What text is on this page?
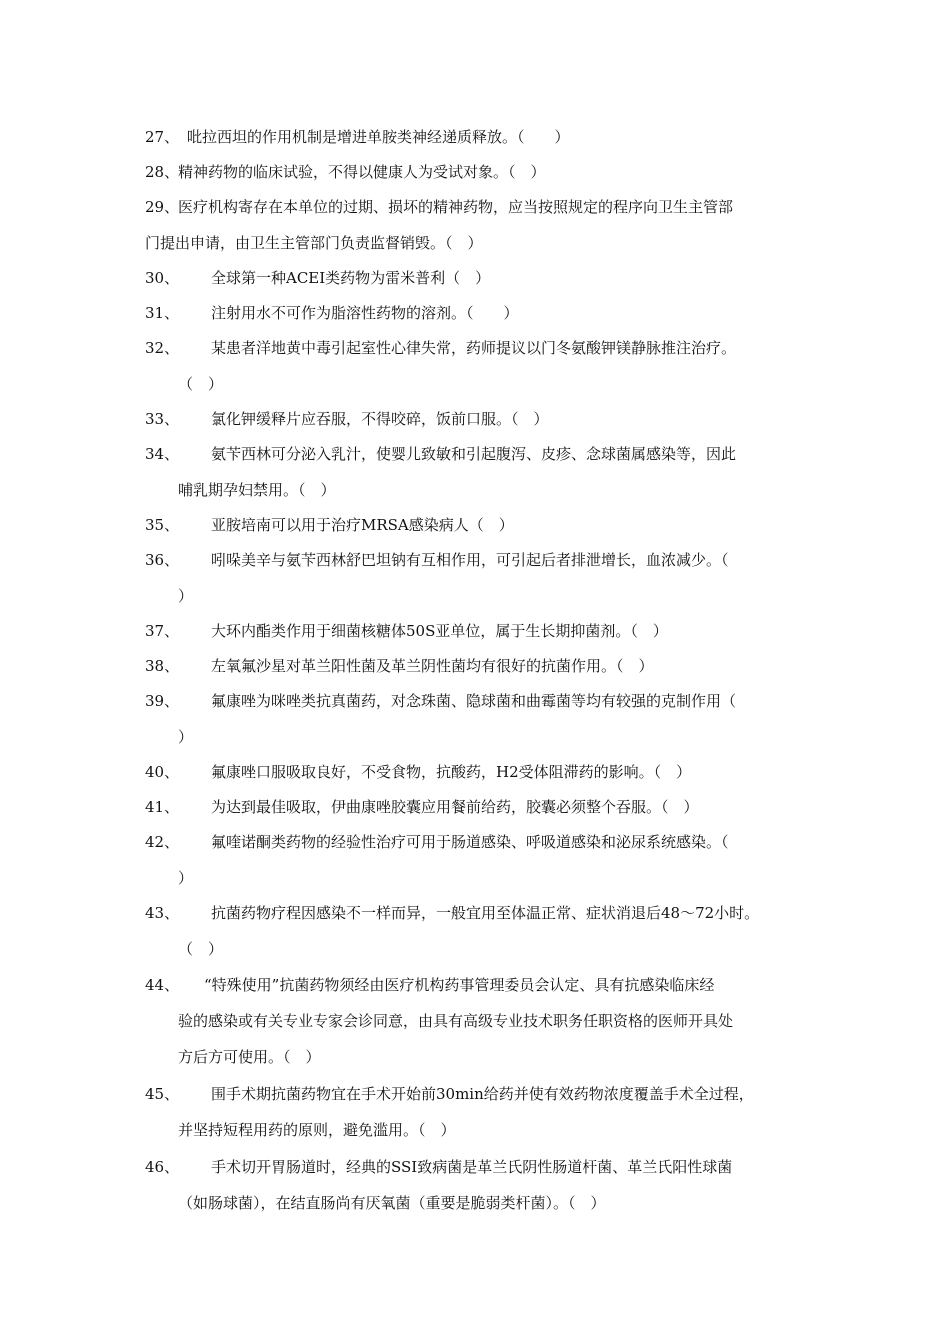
27、 吡拉西坦的作用机制是增进单胺类神经递质释放。（　　）
28、
精神药物的临床试验，不得以健康人为受试对象。（　）
29、
医疗机构寄存在本单位的过期、损坏的精神药物，应当按照规定的程序向卫生主管部
门提出申请，由卫生主管部门负责监督销毁。（　）
30、 全球第一种ACEI类药物为雷米普利（　）
31、 注射用水不可作为脂溶性药物的溶剂。（　　）
32、 某患者洋地黄中毒引起室性心律失常，药师提议以门冬氨酸钾镁静脉推注治疗。
（　）
33、 氯化钾缓释片应吞服，不得咬碎，饭前口服。（　）
34、 氨苄西林可分泌入乳汁，使婴儿致敏和引起腹泻、皮疹、念球菌属感染等，因此
哺乳期孕妇禁用。（　）
35、 亚胺培南可以用于治疗MRSA感染病人（　）
36、 吲哚美辛与氨苄西林舒巴坦钠有互相作用，可引起后者排泄增长，血浓减少。（
）
37、 大环内酯类作用于细菌核糖体50S亚单位，属于生长期抑菌剂。（　）
38、 左氧氟沙星对革兰阳性菌及革兰阴性菌均有很好的抗菌作用。（　）
39、 氟康唑为咪唑类抗真菌药，对念珠菌、隐球菌和曲霉菌等均有较强的克制作用（
）
40、 氟康唑口服吸取良好，不受食物，抗酸药，H2受体阻滞药的影响。（　）
41、 为达到最佳吸取，伊曲康唑胶囊应用餐前给药，胶囊必须整个吞服。（　）
42、 氟喹诺酮类药物的经验性治疗可用于肠道感染、呼吸道感染和泌尿系统感染。（
）
43、 抗菌药物疗程因感染不一样而异，一般宜用至体温正常、症状消退后48～72小时。
（　）
44、 “特殊使用”抗菌药物须经由医疗机构药事管理委员会认定、具有抗感染临床经
验的感染或有关专业专家会诊同意，由具有高级专业技术职务任职资格的医师开具处
方后方可使用。（　）
45、 围手术期抗菌药物宜在手术开始前30min给药并使有效药物浓度覆盖手术全过程，
并坚持短程用药的原则，避免滥用。（　）
46、 手术切开胃肠道时，经典的SSI致病菌是革兰氏阴性肠道杆菌、革兰氏阳性球菌
（如肠球菌），在结直肠尚有厌氧菌（重要是脆弱类杆菌）。（　）
